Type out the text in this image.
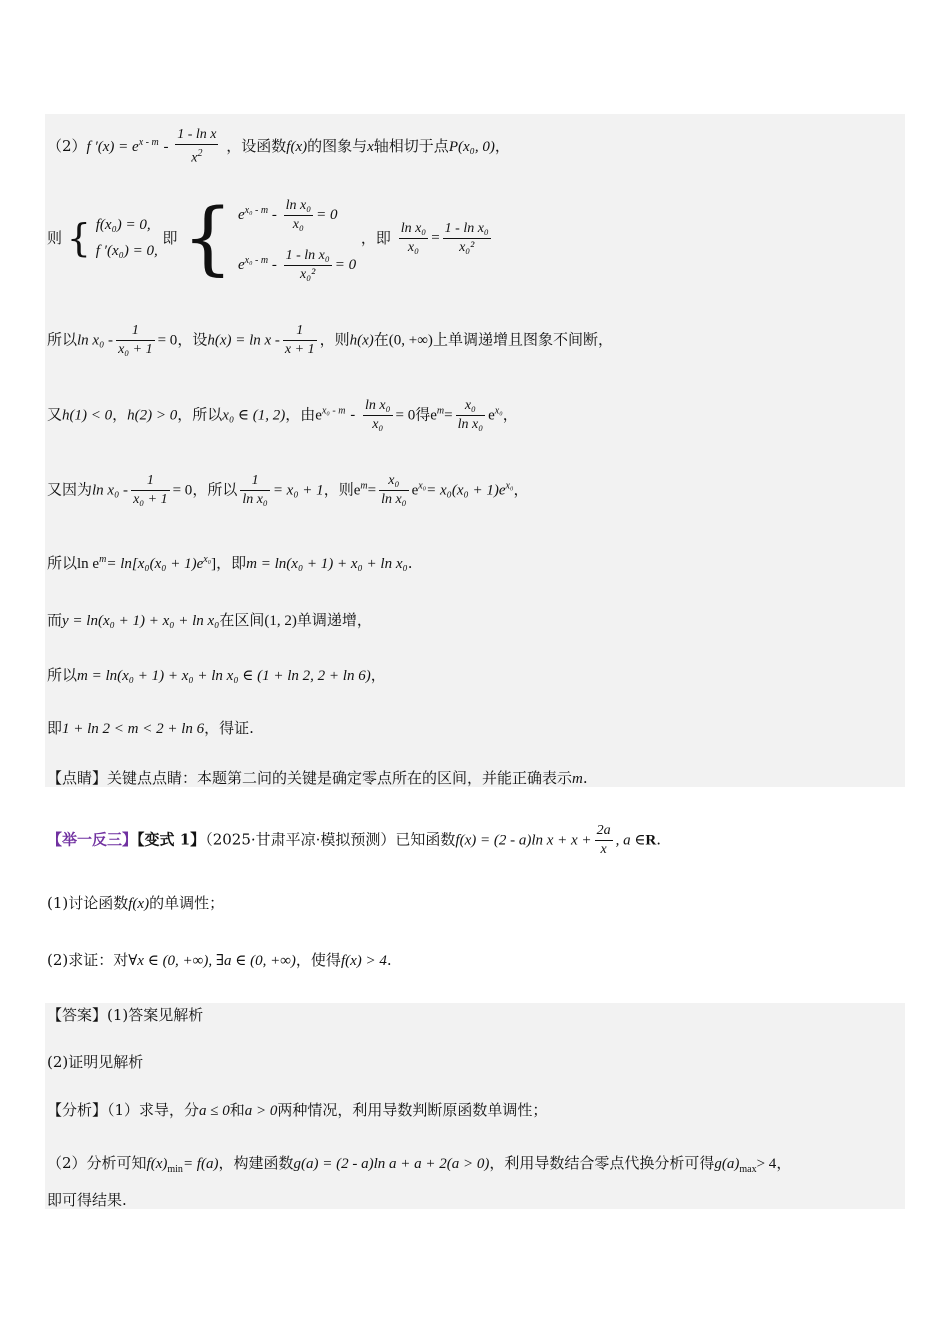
（2）f $'(x) = e^{x - m} - \frac{\text{1 - ln x}}{x^2}$ ，设函数f(x)的图象与x轴相切于点P(x₀, 0)，
则 { f(x₀) = 0,
f ′(x₀) = 0,
即 { $e^{x_0 - m} - \frac{\text{ln x₀}}{\text{x₀}} = 0$
$e^{x_0 - m} - \frac{\text{1 - ln x₀}}{\text{x₀²}} = 0$
，即 $\frac{\text{ln x₀}}{\text{x₀}} = \frac{\text{1 - ln x₀}}{\text{x₀²}}$
所以$\ln x_0 - \frac{1}{\text{x₀ + 1}} = 0$，设$h(x) = \ln x - \frac{1}{x + 1}$ ，则h(x)在(0, +∞)上单调递增且图象不间断，
又h(1) < 0，h(2) > 0，所以x₀ ∈ (1, 2)，由$e^{x_0 - m} - \frac{\text{ln x₀}}{\text{x₀}} = 0$得$e^m= \frac{\text{x₀}}{\text{ln x₀}} e^{x_0}$，
又因为$\ln x_0 - \frac{1}{\text{x₀ + 1}} = 0$，所以 $\frac{1}{\text{ln x₀}} = x_0 + 1$，则$e^m= \frac{\text{x₀}}{\text{ln x₀}} e^{x_0}= x_0(x_0 + 1)e^{x_0}$，
所以$\ln e^m= \ln[x_0(x_0 + 1)e^{x_0}]$，即m = ln(x₀ + 1) + x₀ + ln x₀.
而y = ln(x₀ + 1) + x₀ + ln x₀在区间(1, 2)单调递增，
所以m = ln(x₀ + 1) + x₀ + ln x₀ ∈ (1 + ln 2, 2 + ln 6)，
即1 + ln 2 < m < 2 + ln 6，得证.
【点睛】关键点点睛：本题第二问的关键是确定零点所在的区间，并能正确表示m.
【举一反三】【变式 1】（2025·甘肃平凉·模拟预测）已知函数f(x) = (2 - a)ln $x + x + \frac{2a}{x}$ , a ∈R.
(1)讨论函数f(x)的单调性；
(2)求证：对∀x ∈ (0, +∞), ∃a ∈ (0, +∞)，使得f(x) > 4.
【答案】(1)答案见解析
(2)证明见解析
【分析】（1）求导，分a ≤ 0和a > 0两种情况，利用导数判断原函数单调性；
（2）分析可知$f(x)_{min}= f(a)$，构建函数g(a) = (2 - a)ln a + a + 2(a > 0)，利用导数结合零点代换分析可得$g(a)_{max}> 4$，
即可得结果.
